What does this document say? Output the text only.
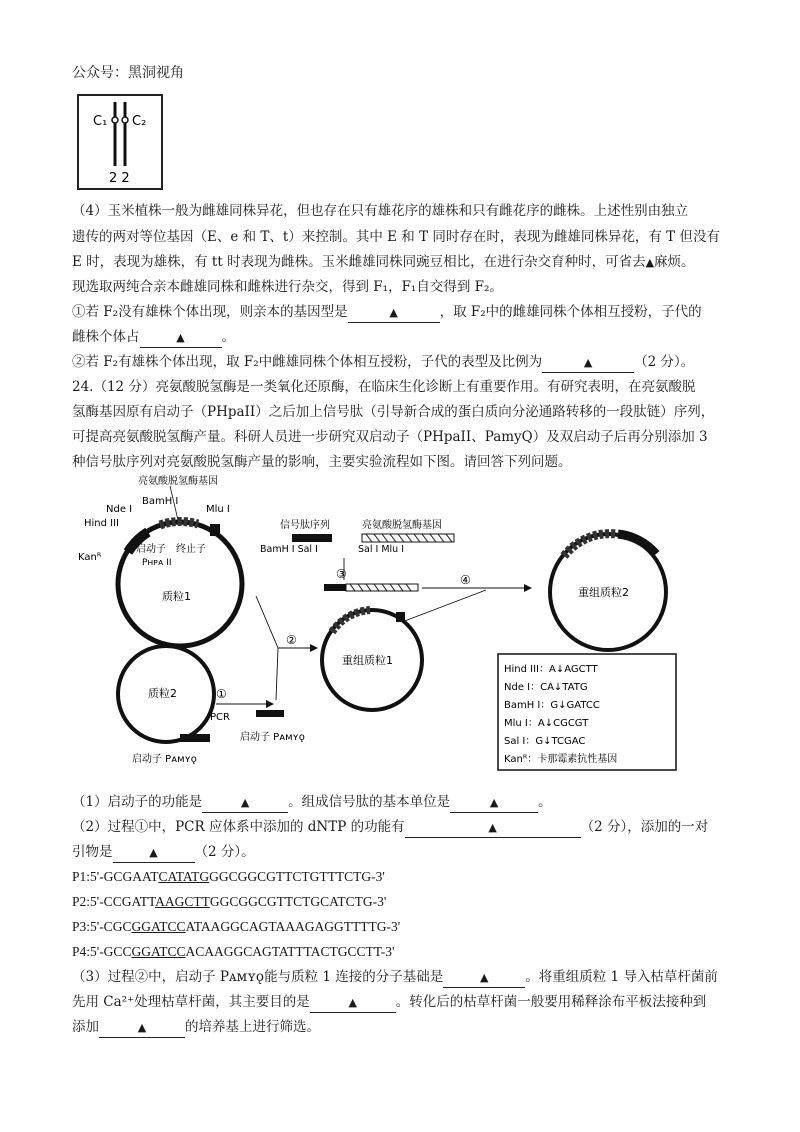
公众号：黑洞视角
C₁ C₂
2 2
（4）玉米植株一般为雌雄同株异花，但也存在只有雄花序的雄株和只有雌花序的雌株。上述性别由独立
遗传的两对等位基因（E、e 和 T、t）来控制。其中 E 和 T 同时存在时，表现为雌雄同株异花，有 T 但没有
E 时，表现为雄株，有 tt 时表现为雌株。玉米雌雄同株同豌豆相比，在进行杂交育种时，可省去▲麻烦。
现选取两纯合亲本雌雄同株和雌株进行杂交，得到 F₁，F₁自交得到 F₂。
①若 F₂没有雄株个体出现，则亲本的基因型是	▲	，取 F₂中的雌雄同株个体相互授粉，子代的
雌株个体占	▲	。
②若 F₂有雄株个体出现，取 F₂中雌雄同株个体相互授粉，子代的表型及比例为	▲	（2 分）。
24.（12 分）亮氨酸脱氢酶是一类氧化还原酶，在临床生化诊断上有重要作用。有研究表明，在亮氨酸脱
氢酶基因原有启动子（PHpaII）之后加上信号肽（引导新合成的蛋白质向分泌通路转移的一段肽链）序列，
可提高亮氨酸脱氢酶产量。科研人员进一步研究双启动子（PHpaII、PamyQ）及双启动子后再分别添加 3
种信号肽序列对亮氨酸脱氢酶产量的影响，主要实验流程如下图。请回答下列问题。
亮氨酸脱氢酶基因
Nde I
BamH I
Mlu I
Hind III
Kanᴿ
启动子 终止子
Pʜᴘᴀ II
质粒1
质粒2
启动子 Pᴀᴍʏǫ
①
PCR
启动子 Pᴀᴍʏǫ
②
重组质粒1
信号肽序列
BamH I Sal I
亮氨酸脱氢酶基因
Sal I Mlu I
③	④
重组质粒2
Hind III：A↓AGCTT
Nde I：CA↓TATG
BamH I：G↓GATCC
Mlu I：A↓CGCGT
Sal I：G↓TCGAC
Kanᴿ：卡那霉素抗性基因
（1）启动子的功能是	▲	。组成信号肽的基本单位是	▲	。
（2）过程①中，PCR 应体系中添加的 dNTP 的功能有	▲	（2 分），添加的一对
引物是	▲	（2 分）。
P1:5'-GCGAATCATATGGGCGGCGTTCTGTTTCTG-3'
P2:5'-CCGATTAAGCTTGGCGGCGTTCTGCATCTG-3'
P3:5'-CGCGGATCCATAAGGCAGTAAAGAGGTTTTG-3'
P4:5'-GCCGGATCCACAAGGCAGTATTTACTGCCTT-3'
（3）过程②中，启动子 Pᴀᴍʏǫ能与质粒 1 连接的分子基础是	▲	。将重组质粒 1 导入枯草杆菌前
先用 Ca²⁺处理枯草杆菌，其主要目的是	▲	。转化后的枯草杆菌一般要用稀释涂布平板法接种到
添加	▲	的培养基上进行筛选。
